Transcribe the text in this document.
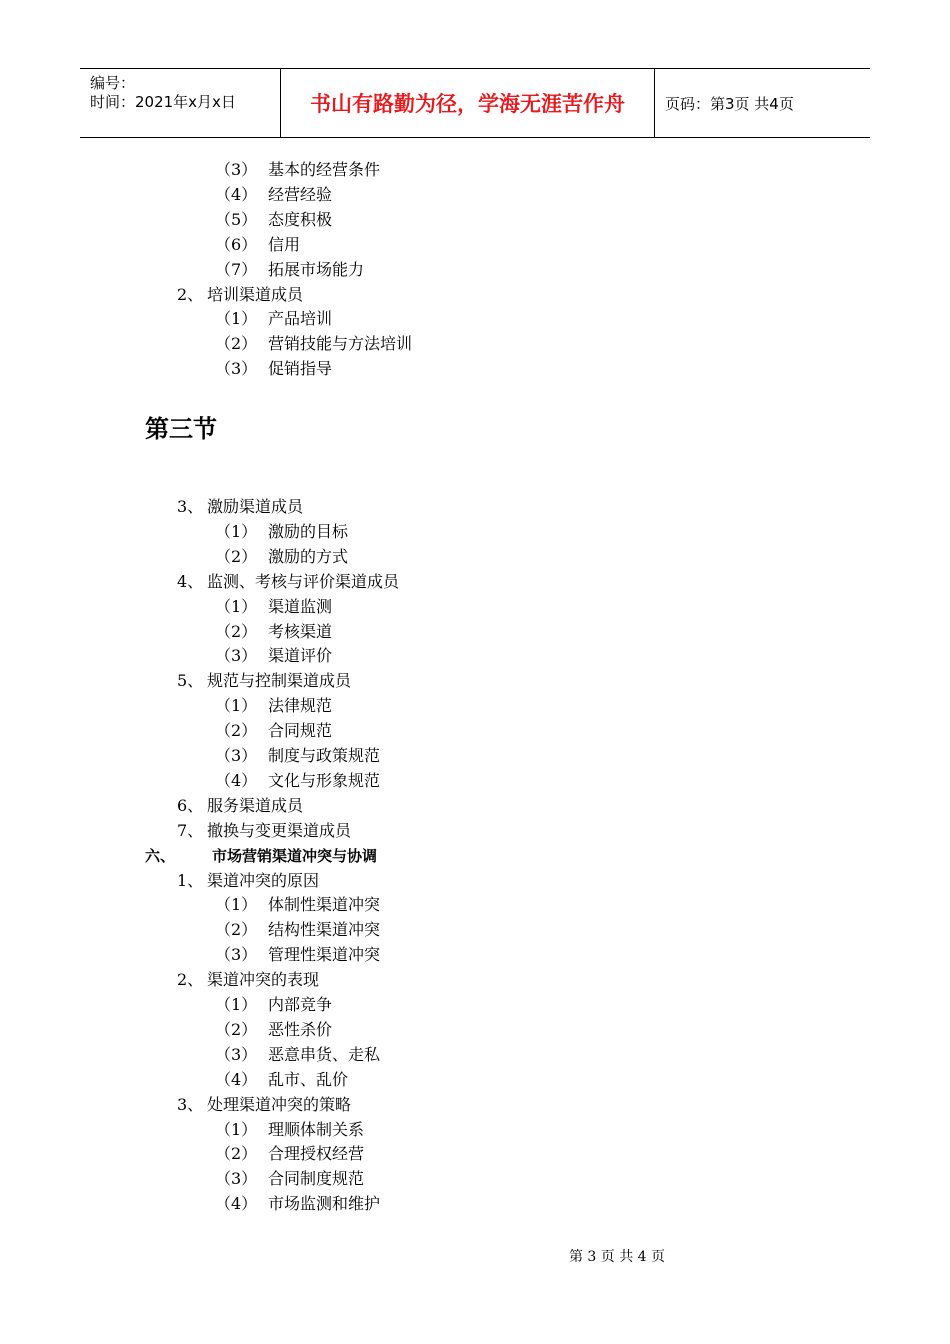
编号：
时间：2021年x月x日	书山有路勤为径，学海无涯苦作舟	页码：第3页 共4页
（3） 基本的经营条件
（4） 经营经验
（5） 态度积极
（6） 信用
（7） 拓展市场能力
2、 培训渠道成员
（1） 产品培训
（2） 营销技能与方法培训
（3） 促销指导
第三节
3、 激励渠道成员
（1） 激励的目标
（2） 激励的方式
4、 监测、考核与评价渠道成员
（1） 渠道监测
（2） 考核渠道
（3） 渠道评价
5、 规范与控制渠道成员
（1） 法律规范
（2） 合同规范
（3） 制度与政策规范
（4） 文化与形象规范
6、 服务渠道成员
7、 撤换与变更渠道成员
六、 市场营销渠道冲突与协调
1、 渠道冲突的原因
（1） 体制性渠道冲突
（2） 结构性渠道冲突
（3） 管理性渠道冲突
2、 渠道冲突的表现
（1） 内部竞争
（2） 恶性杀价
（3） 恶意串货、走私
（4） 乱市、乱价
3、 处理渠道冲突的策略
（1） 理顺体制关系
（2） 合理授权经营
（3） 合同制度规范
（4） 市场监测和维护
第 3 页 共 4 页
